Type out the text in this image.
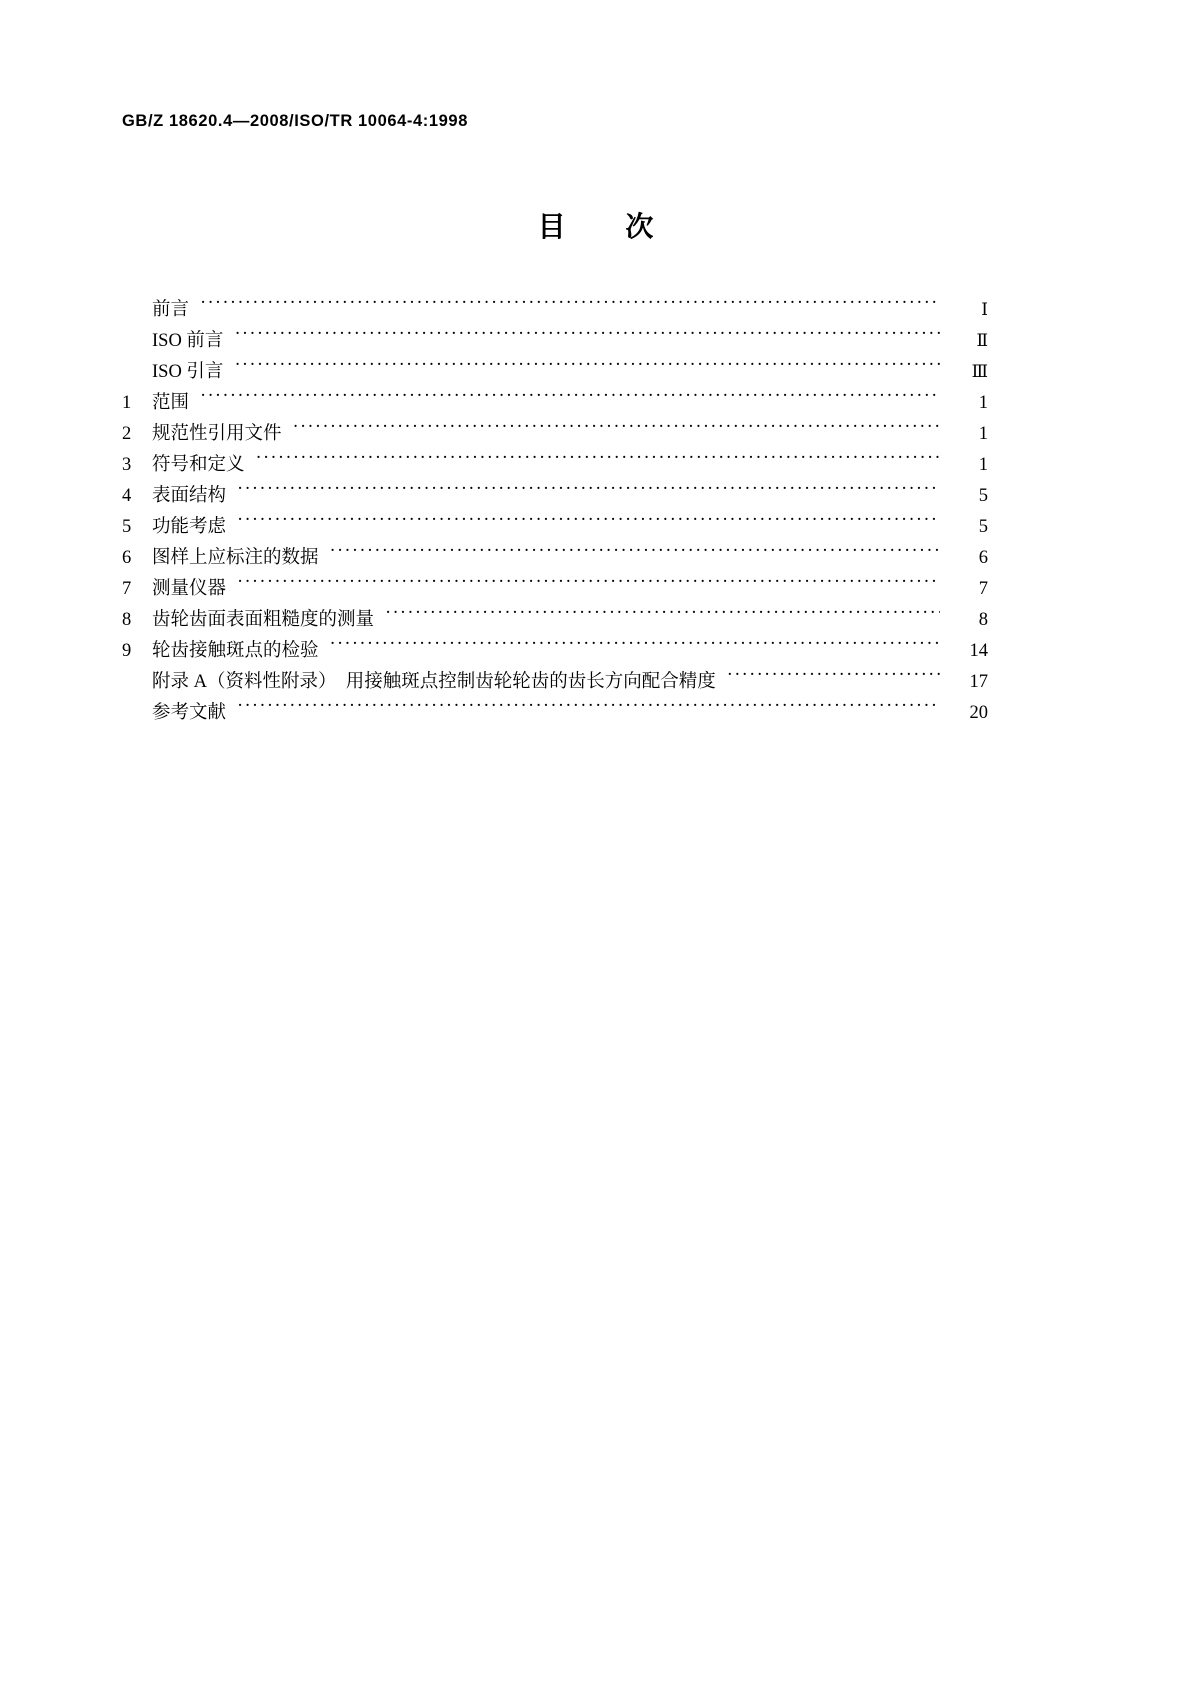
GB/Z 18620.4—2008/ISO/TR 10064-4:1998
目 次
前言 ·····	Ⅰ
ISO 前言 ·····	Ⅱ
ISO 引言 ·····	Ⅲ
1	范围 ·····	1
2	规范性引用文件 ·····	1
3	符号和定义 ·····	1
4	表面结构 ·····	5
5	功能考虑 ·····	5
6	图样上应标注的数据 ·····	6
7	测量仪器 ·····	7
8	齿轮齿面表面粗糙度的测量 ·····	8
9	轮齿接触斑点的检验 ·····	14
附录 A（资料性附录）　用接触斑点控制齿轮轮齿的齿长方向配合精度 ·····	17
参考文献 ·····	20
